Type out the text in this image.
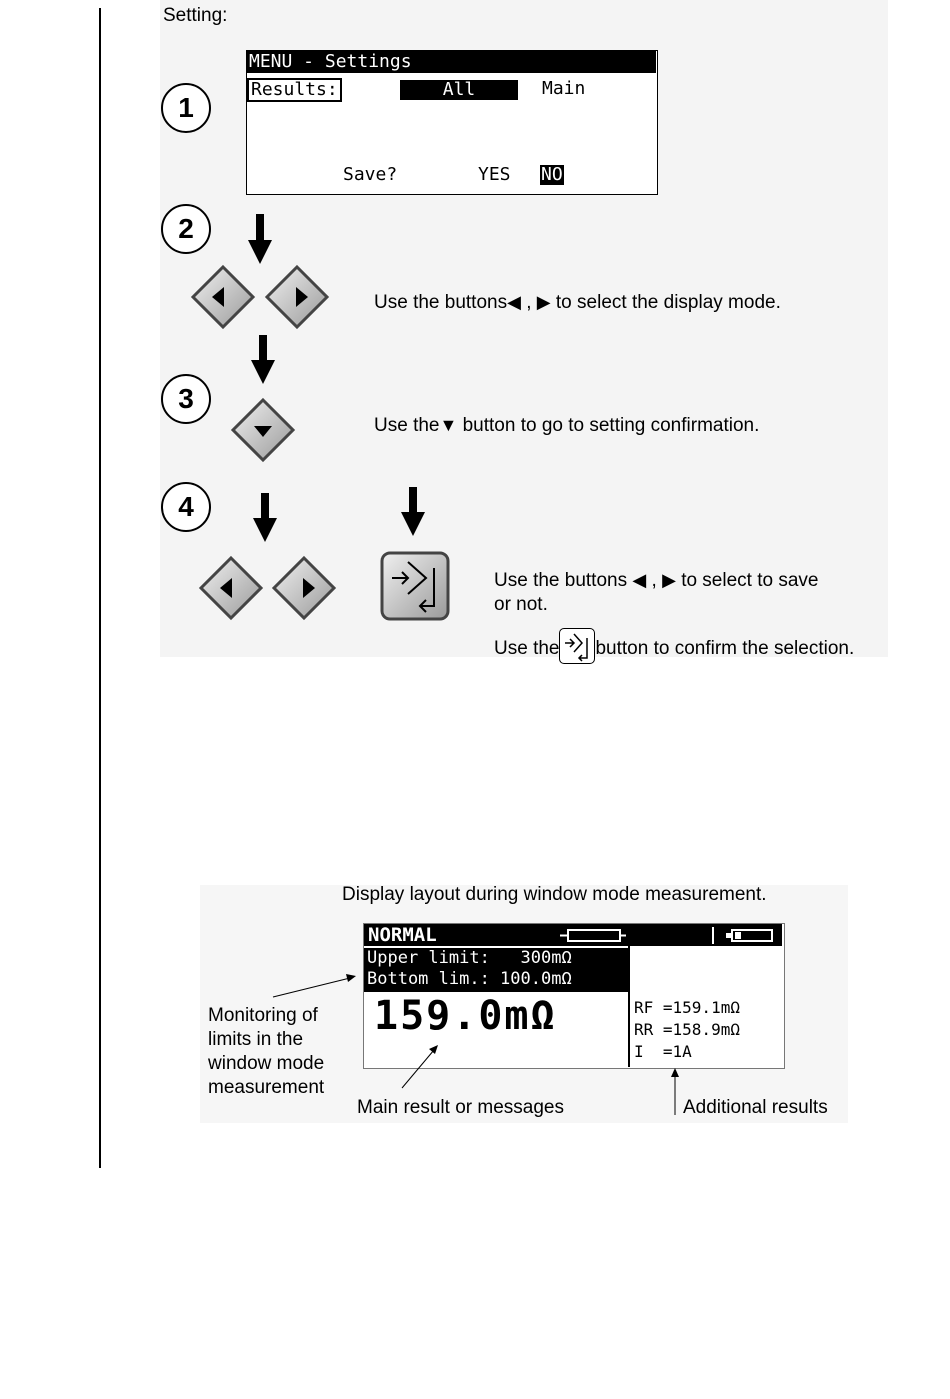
Setting:
MENU - Settings
Results:	All	Main
Save?	YES NO
1
2
3
4
Use the buttons◀ , ▶ to select the display mode.
Use the▼ button to go to setting confirmation.
Use the buttons ◀ , ▶ to select to save
or not.
Use the button to confirm the selection.
Display layout during window mode measurement.
NORMAL
Upper limit:   300mΩ
Bottom lim.: 100.0mΩ
159.0mΩ	RF =159.1mΩ
RR =158.9mΩ
I  =1A
Monitoring of
limits in the
window mode
measurement
Main result or messages	Additional results
